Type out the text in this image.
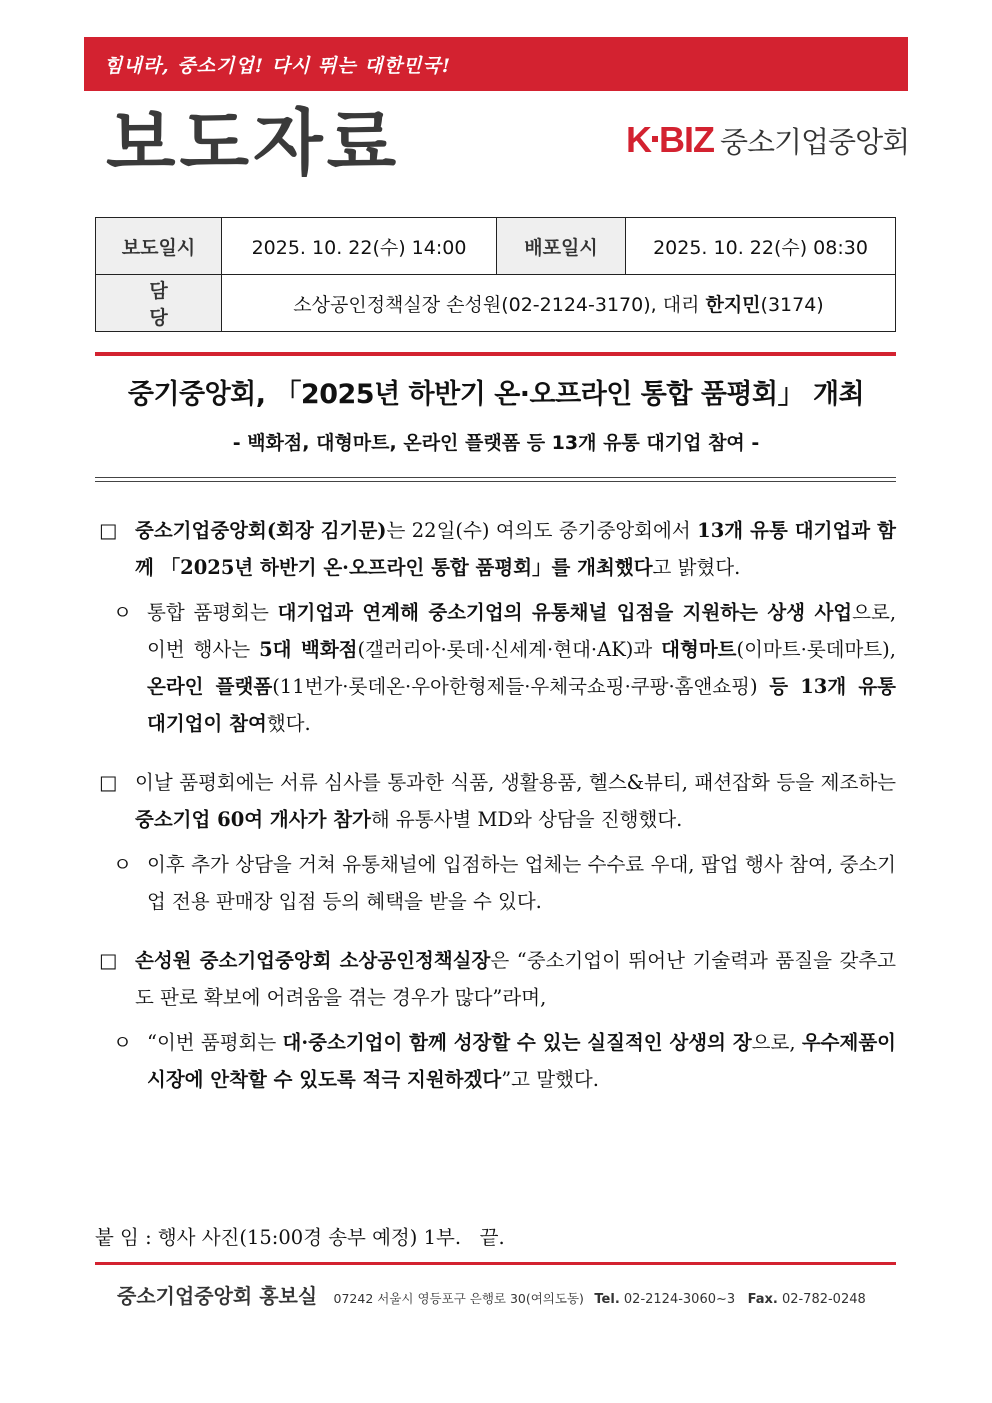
힘내라, 중소기업! 다시 뛰는 대한민국!
보도자료	K BIZ 중소기업중앙회
보도일시	2025. 10. 22(수) 14:00	배포일시	2025. 10. 22(수) 08:30
담당	소상공인정책실장 손성원(02-2124-3170), 대리 한지민(3174)		
중기중앙회, 「2025년 하반기 온·오프라인 통합 품평회」 개최
- 백화점, 대형마트, 온라인 플랫폼 등 13개 유통 대기업 참여 -
□ 중소기업중앙회(회장 김기문)는 22일(수) 여의도 중기중앙회에서 13개 유통 대기업과 함께 「2025년 하반기 온·오프라인 통합 품평회」를 개최했다고 밝혔다.
ㅇ 통합 품평회는 대기업과 연계해 중소기업의 유통채널 입점을 지원하는 상생 사업으로, 이번 행사는 5대 백화점(갤러리아·롯데·신세계·현대·AK)과 대형마트(이마트·롯데마트), 온라인 플랫폼(11번가·롯데온·우아한형제들·우체국쇼핑·쿠팡·홈앤쇼핑) 등 13개 유통 대기업이 참여했다.
□ 이날 품평회에는 서류 심사를 통과한 식품, 생활용품, 헬스&뷰티, 패션잡화 등을 제조하는 중소기업 60여 개사가 참가해 유통사별 MD와 상담을 진행했다.
ㅇ 이후 추가 상담을 거쳐 유통채널에 입점하는 업체는 수수료 우대, 팝업 행사 참여, 중소기업 전용 판매장 입점 등의 혜택을 받을 수 있다.
□ 손성원 중소기업중앙회 소상공인정책실장은 “중소기업이 뛰어난 기술력과 품질을 갖추고도 판로 확보에 어려움을 겪는 경우가 많다”라며,
ㅇ “이번 품평회는 대·중소기업이 함께 성장할 수 있는 실질적인 상생의 장으로, 우수제품이 시장에 안착할 수 있도록 적극 지원하겠다”고 말했다.
붙 임 : 행사 사진(15:00경 송부 예정) 1부.   끝.
중소기업중앙회 홍보실 07242 서울시 영등포구 은행로 30(여의도동) Tel. 02-2124-3060~3 Fax. 02-782-0248
